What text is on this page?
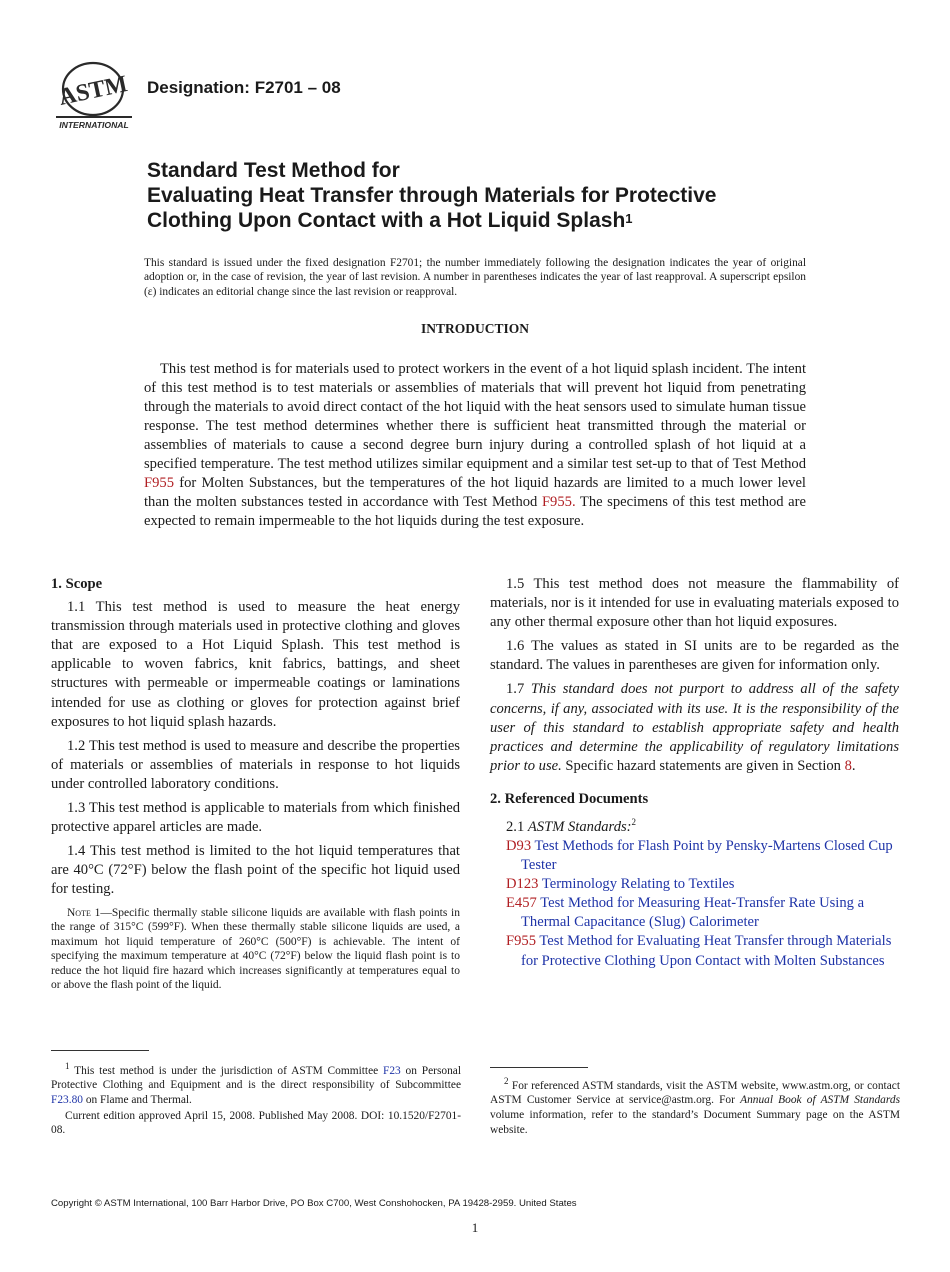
ASTM
INTERNATIONAL
Designation: F2701 – 08
Standard Test Method for
Evaluating Heat Transfer through Materials for Protective
Clothing Upon Contact with a Hot Liquid Splash$^1$
This standard is issued under the fixed designation F2701; the number immediately following the designation indicates the year of original adoption or, in the case of revision, the year of last revision. A number in parentheses indicates the year of last reapproval. A superscript epsilon (ε) indicates an editorial change since the last revision or reapproval.
INTRODUCTION

This test method is for materials used to protect workers in the event of a hot liquid splash incident. The intent of this test method is to test materials or assemblies of materials that will prevent hot liquid from penetrating through the materials to avoid direct contact of the hot liquid with the heat sensors used to simulate human tissue response. The test method determines whether there is sufficient heat transmitted through the material or assemblies of materials to cause a second degree burn injury during a controlled splash of hot liquid at a specified temperature. The test method utilizes similar equipment and a similar test set-up to that of Test Method F955 for Molten Substances, but the temperatures of the hot liquid hazards are limited to a much lower level than the molten substances tested in accordance with Test Method F955. The specimens of this test method are expected to remain impermeable to the hot liquids during the test exposure.

1. Scope

1.1 This test method is used to measure the heat energy transmission through materials used in protective clothing and gloves that are exposed to a Hot Liquid Splash. This test method is applicable to woven fabrics, knit fabrics, battings, and sheet structures with permeable or impermeable coatings or laminations intended for use as clothing or gloves for protection against brief exposures to hot liquid splash hazards.

1.2 This test method is used to measure and describe the properties of materials or assemblies of materials in response to hot liquids under controlled laboratory conditions.

1.3 This test method is applicable to materials from which finished protective apparel articles are made.

1.4 This test method is limited to the hot liquid temperatures that are 40°C (72°F) below the flash point of the specific hot liquid used for testing.

Note 1—Specific thermally stable silicone liquids are available with flash points in the range of 315°C (599°F). When these thermally stable silicone liquids are used, a maximum hot liquid temperature of 260°C (500°F) is achievable. The intent of specifying the maximum temperature at 40°C (72°F) below the liquid flash point is to reduce the hot liquid fire hazard which increases significantly at temperatures equal to or above the flash point of the liquid.

1.5 This test method does not measure the flammability of materials, nor is it intended for use in evaluating materials exposed to any other thermal exposure other than hot liquid exposures.

1.6 The values as stated in SI units are to be regarded as the standard. The values in parentheses are given for information only.

1.7 This standard does not purport to address all of the safety concerns, if any, associated with its use. It is the responsibility of the user of this standard to establish appropriate safety and health practices and determine the applicability of regulatory limitations prior to use. Specific hazard statements are given in Section 8.

2. Referenced Documents

2.1 ASTM Standards:$^2$

D93 Test Methods for Flash Point by Pensky-Martens Closed Cup Tester
D123 Terminology Relating to Textiles
E457 Test Method for Measuring Heat-Transfer Rate Using a Thermal Capacitance (Slug) Calorimeter
F955 Test Method for Evaluating Heat Transfer through Materials for Protective Clothing Upon Contact with Molten Substances

$^1$ This test method is under the jurisdiction of ASTM Committee F23 on Personal Protective Clothing and Equipment and is the direct responsibility of Subcommittee F23.80 on Flame and Thermal.

Current edition approved April 15, 2008. Published May 2008. DOI: 10.1520/F2701-08.

$^2$ For referenced ASTM standards, visit the ASTM website, www.astm.org, or contact ASTM Customer Service at service@astm.org. For Annual Book of ASTM Standards volume information, refer to the standard’s Document Summary page on the ASTM website.

Copyright © ASTM International, 100 Barr Harbor Drive, PO Box C700, West Conshohocken, PA 19428-2959. United States
1
